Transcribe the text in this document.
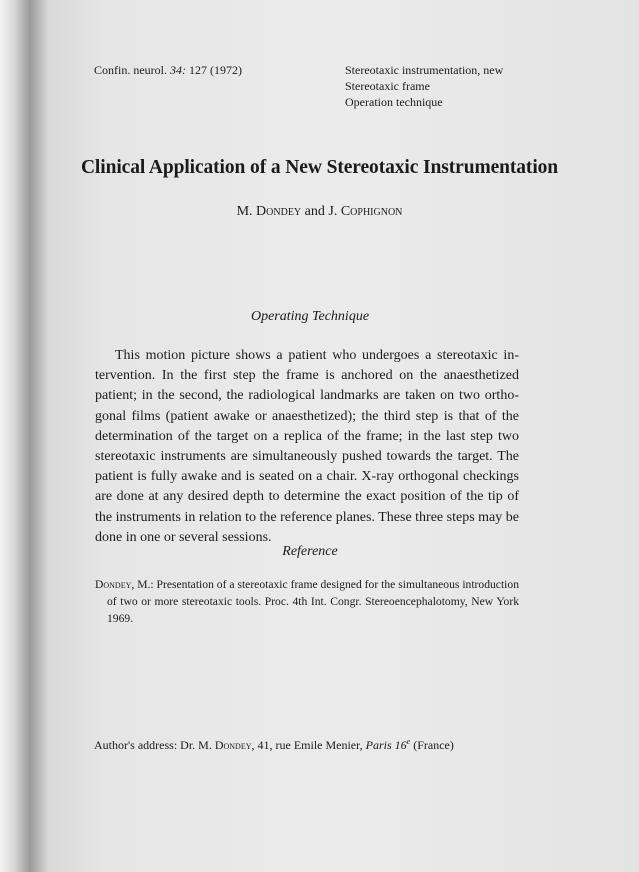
Confin. neurol. 34: 127 (1972)	Stereotaxic instrumentation, new
Stereotaxic frame
Operation technique
Clinical Application of a New Stereotaxic Instrumentation
M. Dondey and J. Cophignon
Operating Technique

This motion picture shows a patient who undergoes a stereotaxic intervention. In the first step the frame is anchored on the anaesthetized patient; in the second, the radiological landmarks are taken on two orthogonal films (patient awake or anaesthetized); the third step is that of the determination of the target on a replica of the frame; in the last step two stereotaxic instruments are simultaneously pushed towards the target. The patient is fully awake and is seated on a chair. X-ray orthogonal checkings are done at any desired depth to determine the exact position of the tip of the instruments in relation to the reference planes. These three steps may be done in one or several sessions.

Reference
Dondey, M.: Presentation of a stereotaxic frame designed for the simultaneous introduction of two or more stereotaxic tools. Proc. 4th Int. Congr. Stereoencephalotomy, New York 1969.
Author's address: Dr. M. Dondey, 41, rue Emile Menier, Paris 16e (France)
